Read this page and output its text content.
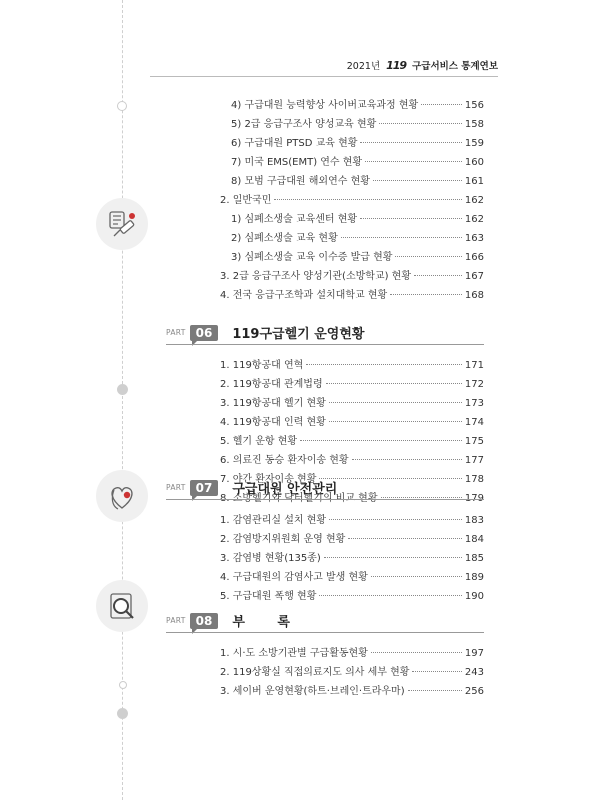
2021년 119 구급서비스 통계연보
4) 구급대원 능력향상 사이버교육과정 현황	156
5) 2급 응급구조사 양성교육 현황	158
6) 구급대원 PTSD 교육 현황	159
7) 미국 EMS(EMT) 연수 현황	160
8) 모범 구급대원 해외연수 현황	161
2. 일반국민	162
1) 심폐소생술 교육센터 현황	162
2) 심폐소생술 교육 현황	163
3) 심폐소생술 교육 이수증 발급 현황	166
3. 2급 응급구조사 양성기관(소방학교) 현황	167
4. 전국 응급구조학과 설치대학교 현황	168
PART 06	119구급헬기 운영현황
1. 119항공대 연혁	171
2. 119항공대 관계법령	172
3. 119항공대 헬기 현황	173
4. 119항공대 인력 현황	174
5. 헬기 운항 현황	175
6. 의료진 동승 환자이송 현황	177
7. 야간 환자이송 현황	178
8. 소방헬기와 닥터헬기의 비교 현황	179
PART 07	구급대원 안전관리
1. 감염관리실 설치 현황	183
2. 감염방지위원회 운영 현황	184
3. 감염병 현황(135종)	185
4. 구급대원의 감염사고 발생 현황	189
5. 구급대원 폭행 현황	190
PART 08	부 록
1. 시·도 소방기관별 구급활동현황	197
2. 119상황실 직접의료지도 의사 세부 현황	243
3. 세이버 운영현황(하트·브레인·트라우마)	256
